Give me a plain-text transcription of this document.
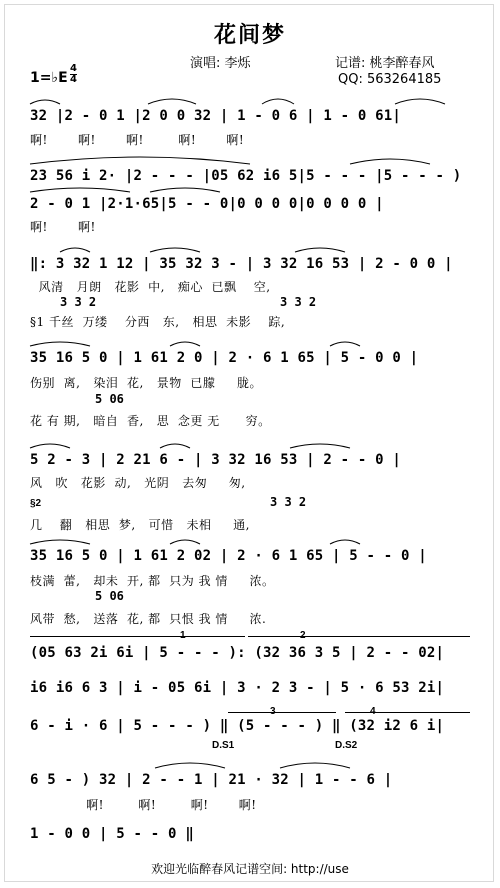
花间梦
演唱: 李烁	记谱: 桃李醉春风
QQ: 563264185
1=♭E $\frac{4}{4}$
32 |2 - 0 1 |2 0 0 32 | 1 - 0 6 | 1 - 0 61|
23 56 i 2· |2 - - - |05 62 i6 5|5 - - - |5 - - - )
2 - 0 1 |2·1·65|5 - - 0|0 0 0 0|0 0 0 0 |
‖: 3 32 1 12 | 35 32 3 - | 3 32 16 53 | 2 - 0 0 |
35 16 5 0 | 1 61 2 0 | 2 · 6 1 65 | 5 - 0 0 |
5 2 - 3 | 2 21 6 - | 3 32 16 53 | 2 - - 0 |
35 16 5 0 | 1 61 2 02 | 2 · 6 1 65 | 5 - - 0 |
(05 63 2i 6i | 5 - - - ): (32 36 3 5 | 2 - - 02|
i6 i6 6 3 | i - 05 6i | 3 · 2 3 - | 5 · 6 53 2i|
6 - i · 6 | 5 - - - ) ‖ (5 - - - ) ‖ (32 i2 6 i|
6 5 - ) 32 | 2 - - 1 | 21 · 32 | 1 - - 6 |
1 - 0 0 | 5 - - 0 ‖
啊!       啊!       啊!        啊!       啊!
啊!       啊!
风清   月朗   花影  中,   痴心  已飘    空,
§1 千丝  万缕    分西   东,   相思  未影    踪,
伤别  离,   染泪  花,   景物  已朦     胧。
花 有 期,   暗自  香,   思  念更 无      穷。
风   吹   花影  动,   光阴   去匆     匆,
几    翻   相思  梦,   可惜   未相     通,
枝满  蕾,   却未  开, 都  只为 我 情     浓。
风带  愁,   送落  花, 都  只恨 我 情     浓.
啊!        啊!        啊!       啊!
3 3 2	3 3 2
5 06
3 3 2
5 06
D.S1	D.S2
§2
欢迎光临醉春风记谱空间: http://use
